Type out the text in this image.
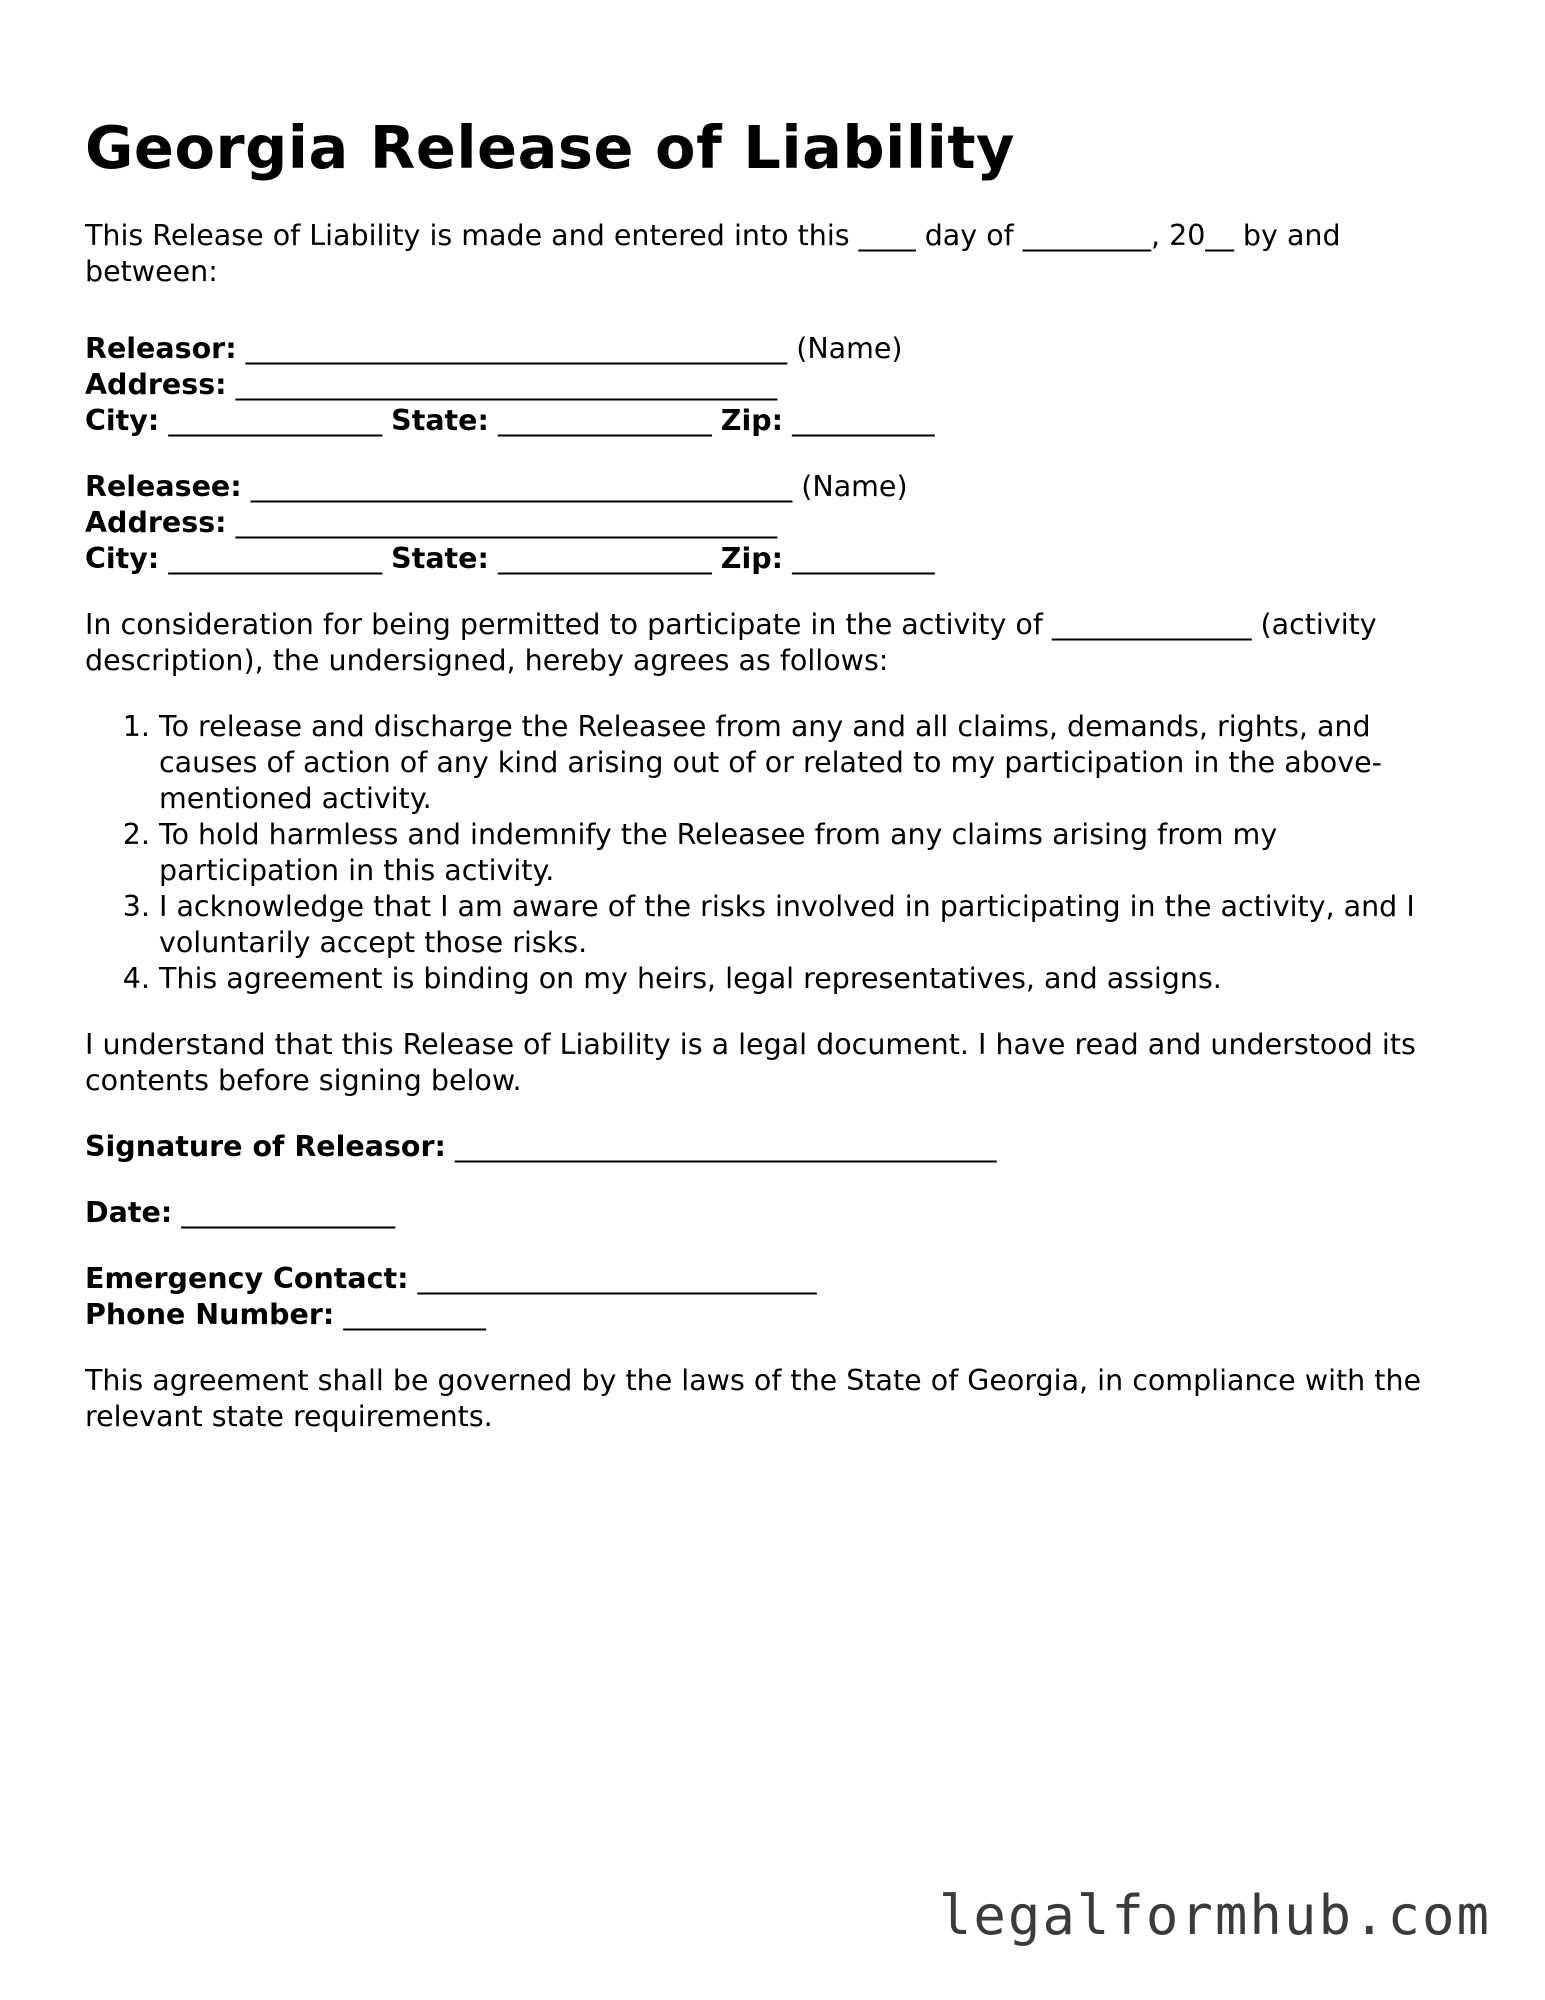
Georgia Release of Liability

This Release of Liability is made and entered into this ____ day of _________, 20__ by and between:

Releasor: ______________________________________ (Name)
Address: ______________________________________
City: _______________ State: _______________ Zip: __________
Releasee: ______________________________________ (Name)
Address: ______________________________________
City: _______________ State: _______________ Zip: __________

In consideration for being permitted to participate in the activity of ______________ (activity description), the undersigned, hereby agrees as follows:

1. To release and discharge the Releasee from any and all claims, demands, rights, and causes of action of any kind arising out of or related to my participation in the above-mentioned activity.
2. To hold harmless and indemnify the Releasee from any claims arising from my participation in this activity.
3. I acknowledge that I am aware of the risks involved in participating in the activity, and I voluntarily accept those risks.
4. This agreement is binding on my heirs, legal representatives, and assigns.

I understand that this Release of Liability is a legal document. I have read and understood its contents before signing below.

Signature of Releasor: ______________________________________
Date: _______________
Emergency Contact: ____________________________
Phone Number: __________

This agreement shall be governed by the laws of the State of Georgia, in compliance with the relevant state requirements.

legalformhub.com
